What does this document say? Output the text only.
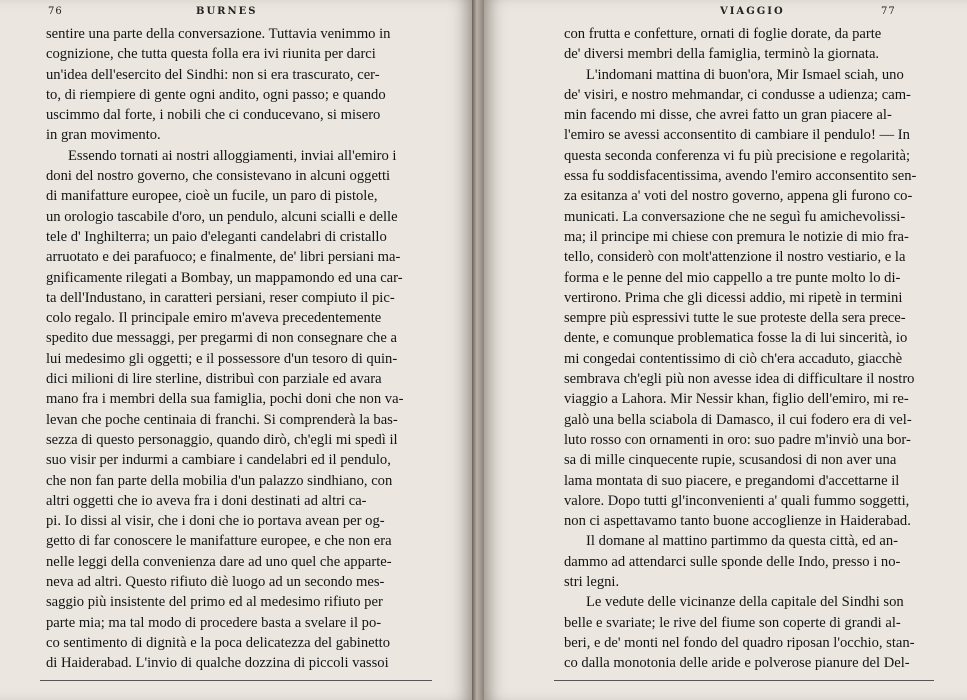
76	BURNES
sentire una parte della conversazione. Tuttavia venimmo in
cognizione, che tutta questa folla era ivi riunita per darci
un'idea dell'esercito del Sindhi: non si era trascurato, cer-
to, di riempiere di gente ogni andito, ogni passo; e quando
uscimmo dal forte, i nobili che ci conducevano, si misero
in gran movimento.
Essendo tornati ai nostri alloggiamenti, inviai all'emiro i
doni del nostro governo, che consistevano in alcuni oggetti
di manifatture europee, cioè un fucile, un paro di pistole,
un orologio tascabile d'oro, un pendulo, alcuni scialli e delle
tele d' Inghilterra; un paio d'eleganti candelabri di cristallo
arruotato e dei parafuoco; e finalmente, de' libri persiani ma-
gnificamente rilegati a Bombay, un mappamondo ed una car-
ta dell'Industano, in caratteri persiani, reser compiuto il pic-
colo regalo. Il principale emiro m'aveva precedentemente
spedito due messaggi, per pregarmi di non consegnare che a
lui medesimo gli oggetti; e il possessore d'un tesoro di quin-
dici milioni di lire sterline, distribuì con parziale ed avara
mano fra i membri della sua famiglia, pochi doni che non va-
levan che poche centinaia di franchi. Si comprenderà la bas-
sezza di questo personaggio, quando dirò, ch'egli mi spedì il
suo visir per indurmi a cambiare i candelabri ed il pendulo,
che non fan parte della mobilia d'un palazzo sindhiano, con
altri oggetti che io aveva fra i doni destinati ad altri ca-
pi. Io dissi al visir, che i doni che io portava avean per og-
getto di far conoscere le manifatture europee, e che non era
nelle leggi della convenienza dare ad uno quel che apparte-
neva ad altri. Questo rifiuto diè luogo ad un secondo mes-
saggio più insistente del primo ed al medesimo rifiuto per
parte mia; ma tal modo di procedere basta a svelare il po-
co sentimento di dignità e la poca delicatezza del gabinetto
di Haiderabad. L'invio di qualche dozzina di piccoli vassoi
VIAGGIO	77
con frutta e confetture, ornati di foglie dorate, da parte
de' diversi membri della famiglia, terminò la giornata.
L'indomani mattina di buon'ora, Mir Ismael sciah, uno
de' visiri, e nostro mehmandar, ci condusse a udienza; cam-
min facendo mi disse, che avrei fatto un gran piacere al-
l'emiro se avessi acconsentito di cambiare il pendulo! — In
questa seconda conferenza vi fu più precisione e regolarità;
essa fu soddisfacentissima, avendo l'emiro acconsentito sen-
za esitanza a' voti del nostro governo, appena gli furono co-
municati. La conversazione che ne seguì fu amichevolissi-
ma; il principe mi chiese con premura le notizie di mio fra-
tello, considerò con molt'attenzione il nostro vestiario, e la
forma e le penne del mio cappello a tre punte molto lo di-
vertirono. Prima che gli dicessi addio, mi ripetè in termini
sempre più espressivi tutte le sue proteste della sera prece-
dente, e comunque problematica fosse la di lui sincerità, io
mi congedai contentissimo di ciò ch'era accaduto, giacchè
sembrava ch'egli più non avesse idea di difficultare il nostro
viaggio a Lahora. Mir Nessir khan, figlio dell'emiro, mi re-
galò una bella sciabola di Damasco, il cui fodero era di vel-
luto rosso con ornamenti in oro: suo padre m'inviò una bor-
sa di mille cinquecente rupie, scusandosi di non aver una
lama montata di suo piacere, e pregandomi d'accettarne il
valore. Dopo tutti gl'inconvenienti a' quali fummo soggetti,
non ci aspettavamo tanto buone accoglienze in Haiderabad.
Il domane al mattino partimmo da questa città, ed an-
dammo ad attendarci sulle sponde delle Indo, presso i no-
stri legni.
Le vedute delle vicinanze della capitale del Sindhi son
belle e svariate; le rive del fiume son coperte di grandi al-
beri, e de' monti nel fondo del quadro riposan l'occhio, stan-
co dalla monotonia delle aride e polverose pianure del Del-
